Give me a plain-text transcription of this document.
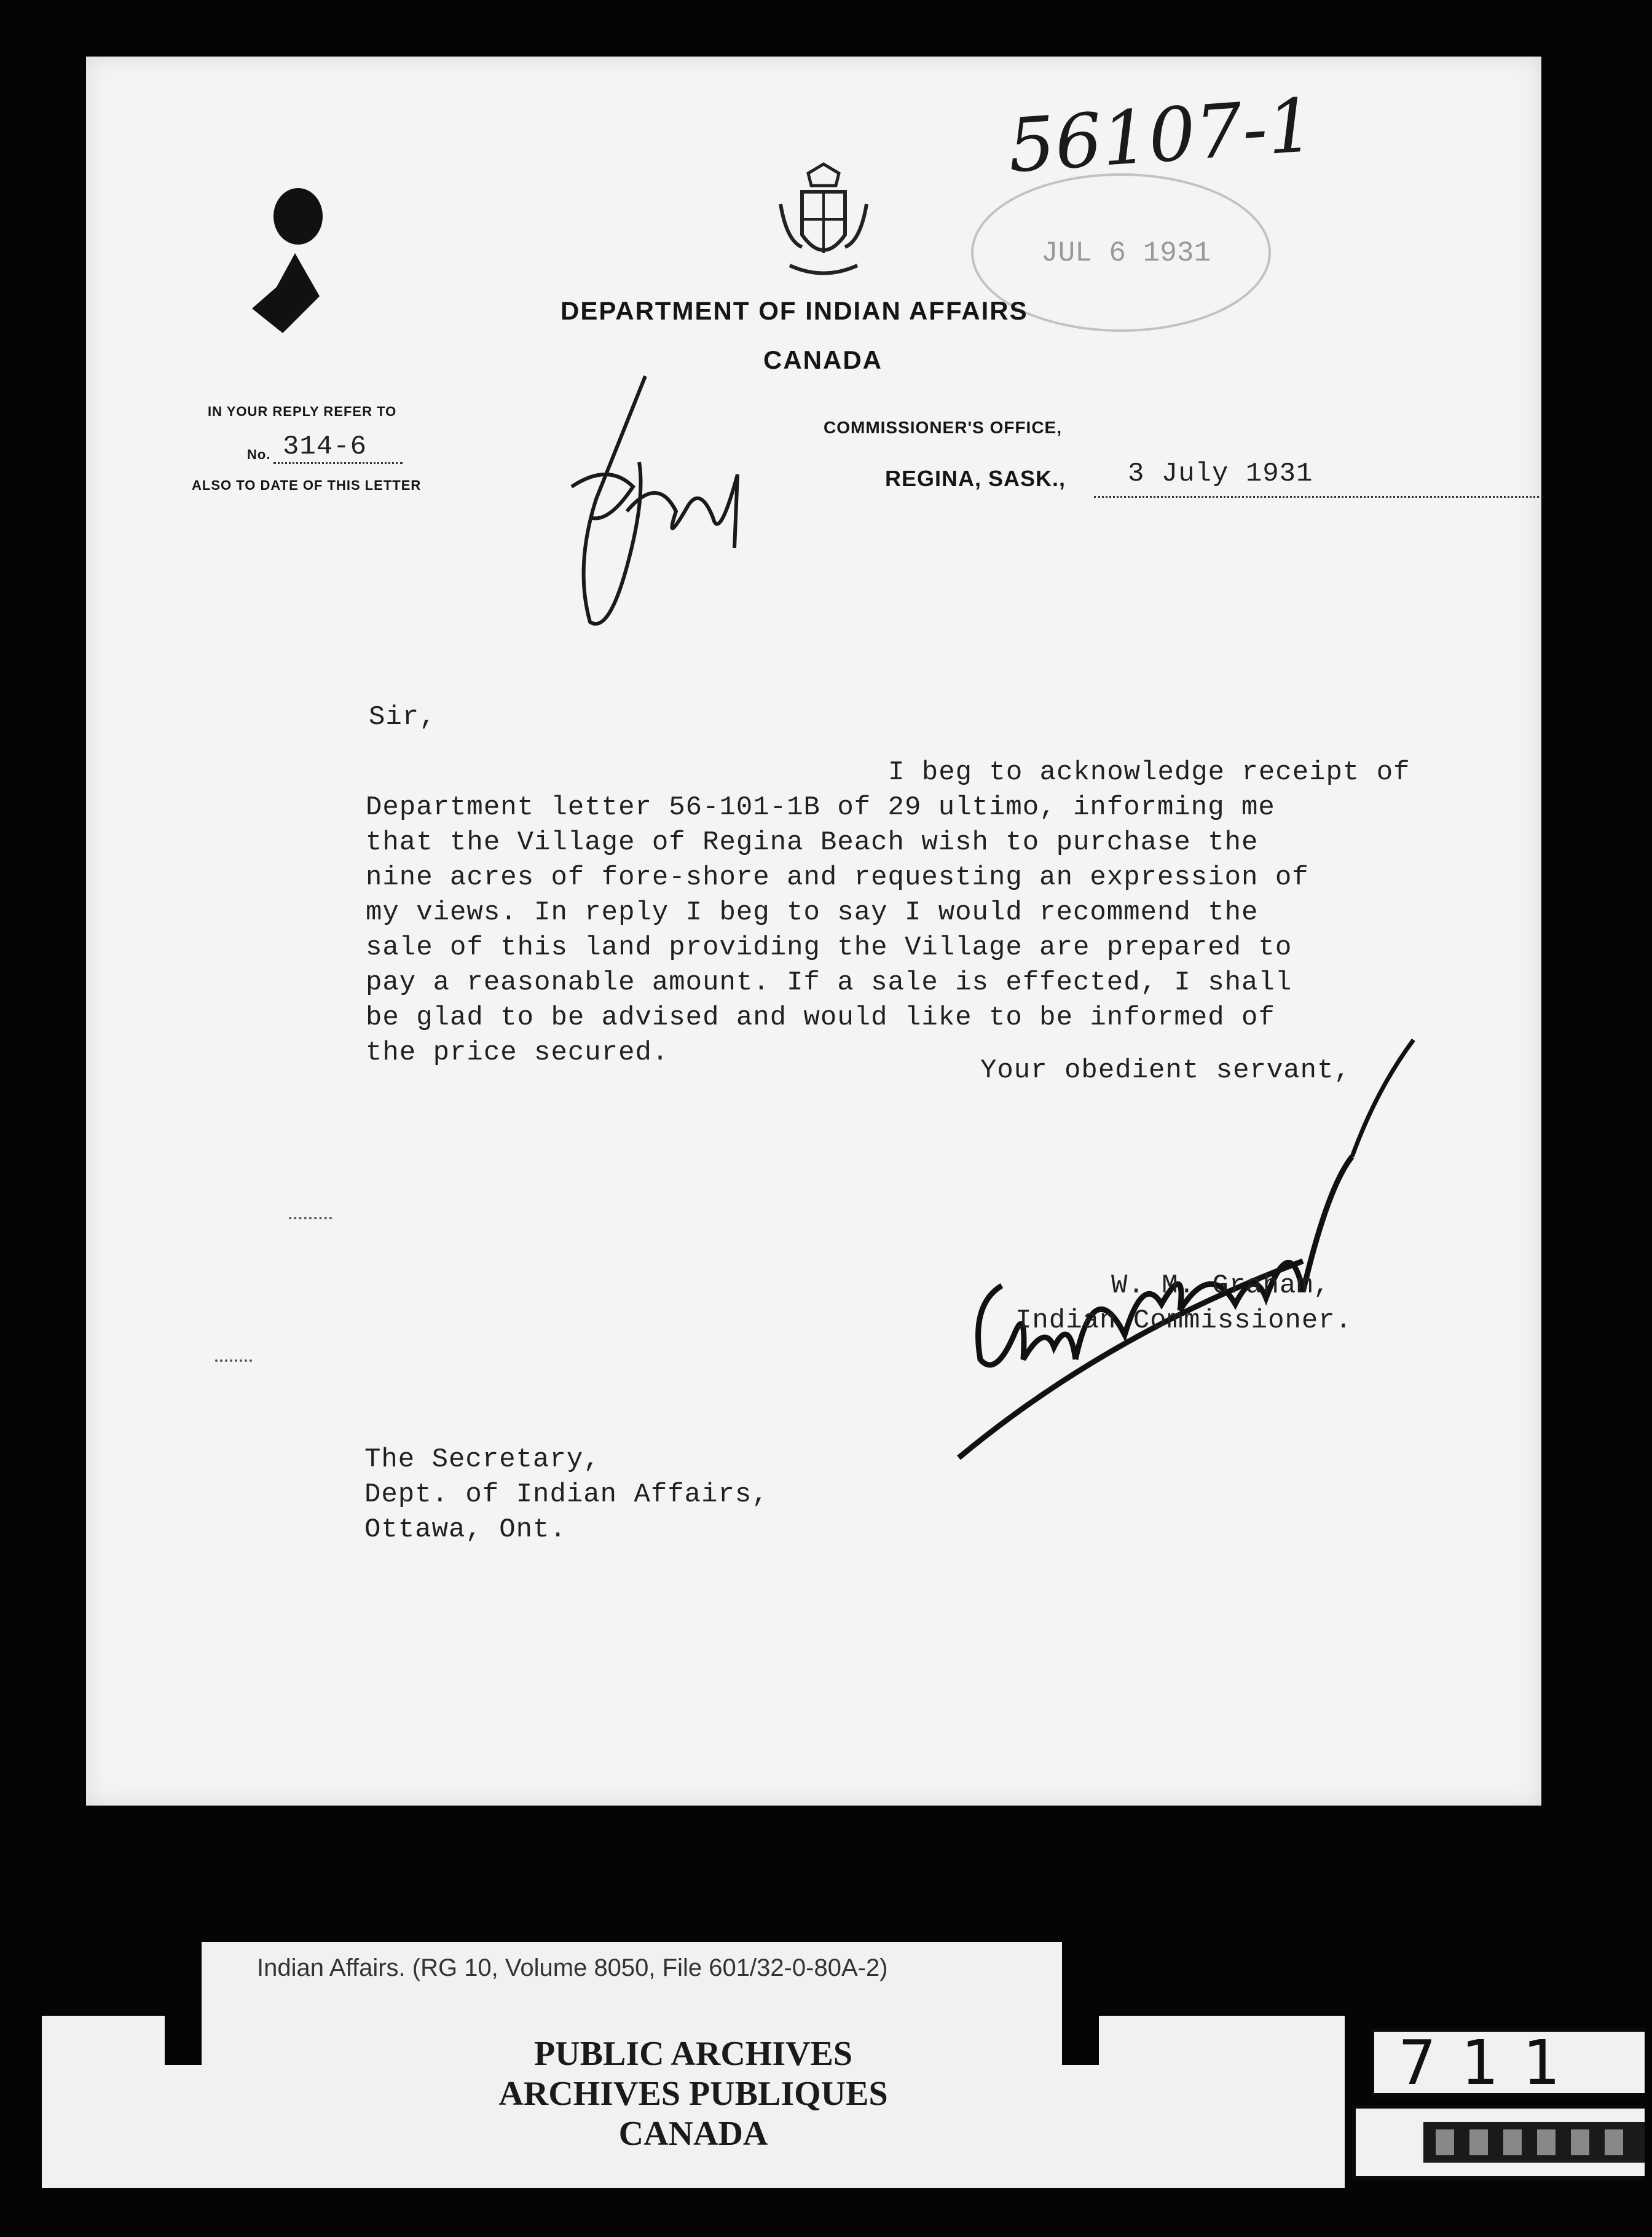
56107-1
JUL 6 1931
DEPARTMENT OF INDIAN AFFAIRS
CANADA
IN YOUR REPLY REFER TO
No. 314-6
ALSO TO DATE OF THIS LETTER
COMMISSIONER'S OFFICE,
REGINA, SASK., 3 July 1931
Sir,
I beg to acknowledge receipt of
Department letter 56-101-1B of 29 ultimo, informing me
that the Village of Regina Beach wish to purchase the
nine acres of fore-shore and requesting an expression of
my views. In reply I beg to say I would recommend the
sale of this land providing the Village are prepared to
pay a reasonable amount. If a sale is effected, I shall
be glad to be advised and would like to be informed of
the price secured.
Your obedient servant,
W. M. Graham,
Indian Commissioner.
The Secretary,
Dept. of Indian Affairs,
Ottawa, Ont.
Indian Affairs. (RG 10, Volume 8050, File 601/32-0-80A-2)
PUBLIC ARCHIVES
ARCHIVES PUBLIQUES
CANADA
711
